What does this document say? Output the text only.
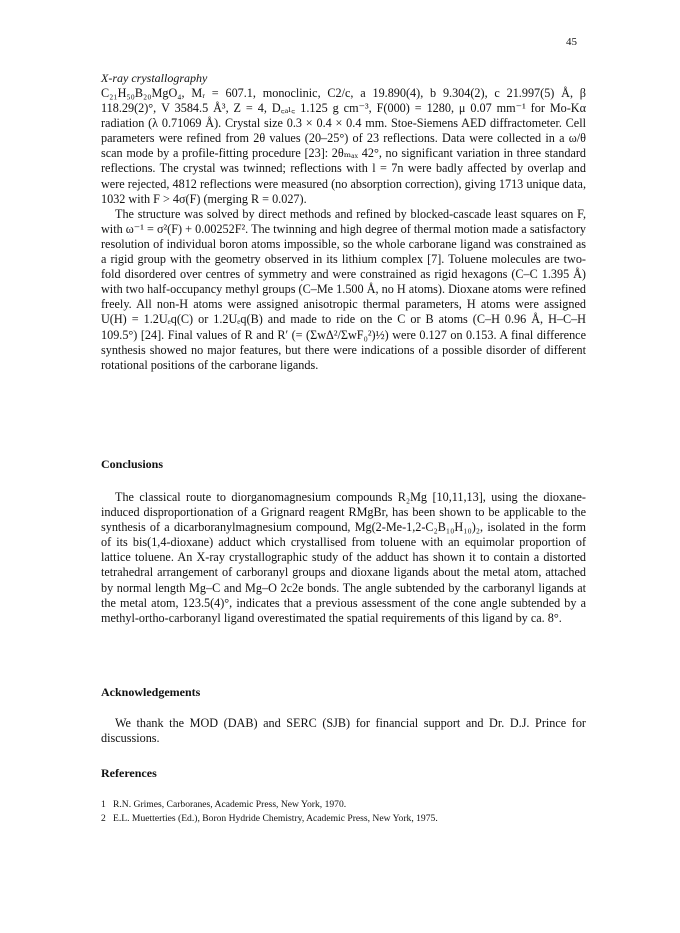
45
X-ray crystallography

C₂₁H₅₀B₂₀MgO₄, Mᵣ = 607.1, monoclinic, C2/c, a 19.890(4), b 9.304(2), c 21.997(5) Å, β 118.29(2)°, V 3584.5 Å³, Z = 4, D꜀ₐₗ꜀ 1.125 g cm⁻³, F(000) = 1280, μ 0.07 mm⁻¹ for Mo-Kα radiation (λ 0.71069 Å). Crystal size 0.3 × 0.4 × 0.4 mm. Stoe-Siemens AED diffractometer. Cell parameters were refined from 2θ values (20–25°) of 23 reflections. Data were collected in a ω/θ scan mode by a profile-fitting procedure [23]: 2θₘₐₓ 42°, no significant variation in three standard reflections. The crystal was twinned; reflections with l = 7n were badly affected by overlap and were rejected, 4812 reflections were measured (no absorption correction), giving 1713 unique data, 1032 with F > 4σ(F) (merging R = 0.027).

The structure was solved by direct methods and refined by blocked-cascade least squares on F, with ω⁻¹ = σ²(F) + 0.00252F². The twinning and high degree of thermal motion made a satisfactory resolution of individual boron atoms impossible, so the whole carborane ligand was constrained as a rigid group with the geometry observed in its lithium complex [7]. Toluene molecules are two-fold disordered over centres of symmetry and were constrained as rigid hexagons (C–C 1.395 Å) with two half-occupancy methyl groups (C–Me 1.500 Å, no H atoms). Dioxane atoms were refined freely. All non-H atoms were assigned anisotropic thermal parameters, H atoms were assigned U(H) = 1.2Uₑq(C) or 1.2Uₑq(B) and made to ride on the C or B atoms (C–H 0.96 Å, H–C–H 109.5°) [24]. Final values of R and R′ (= (ΣwΔ²/ΣwF₀²)½) were 0.127 on 0.153. A final difference synthesis showed no major features, but there were indications of a possible disorder of different rotational positions of the carborane ligands.

Conclusions

The classical route to diorganomagnesium compounds R₂Mg [10,11,13], using the dioxane-induced disproportionation of a Grignard reagent RMgBr, has been shown to be applicable to the synthesis of a dicarboranylmagnesium compound, Mg(2-Me-1,2-C₂B₁₀H₁₀)₂, isolated in the form of its bis(1,4-dioxane) adduct which crystallised from toluene with an equimolar proportion of lattice toluene. An X-ray crystallographic study of the adduct has shown it to contain a distorted tetrahedral arrangement of carboranyl groups and dioxane ligands about the metal atom, attached by normal length Mg–C and Mg–O 2c2e bonds. The angle subtended by the carboranyl ligands at the metal atom, 123.5(4)°, indicates that a previous assessment of the cone angle subtended by a methyl-ortho-carboranyl ligand overestimated the spatial requirements of this ligand by ca. 8°.

Acknowledgements

We thank the MOD (DAB) and SERC (SJB) for financial support and Dr. D.J. Prince for discussions.

References
1 R.N. Grimes, Carboranes, Academic Press, New York, 1970.
2 E.L. Muetterties (Ed.), Boron Hydride Chemistry, Academic Press, New York, 1975.
